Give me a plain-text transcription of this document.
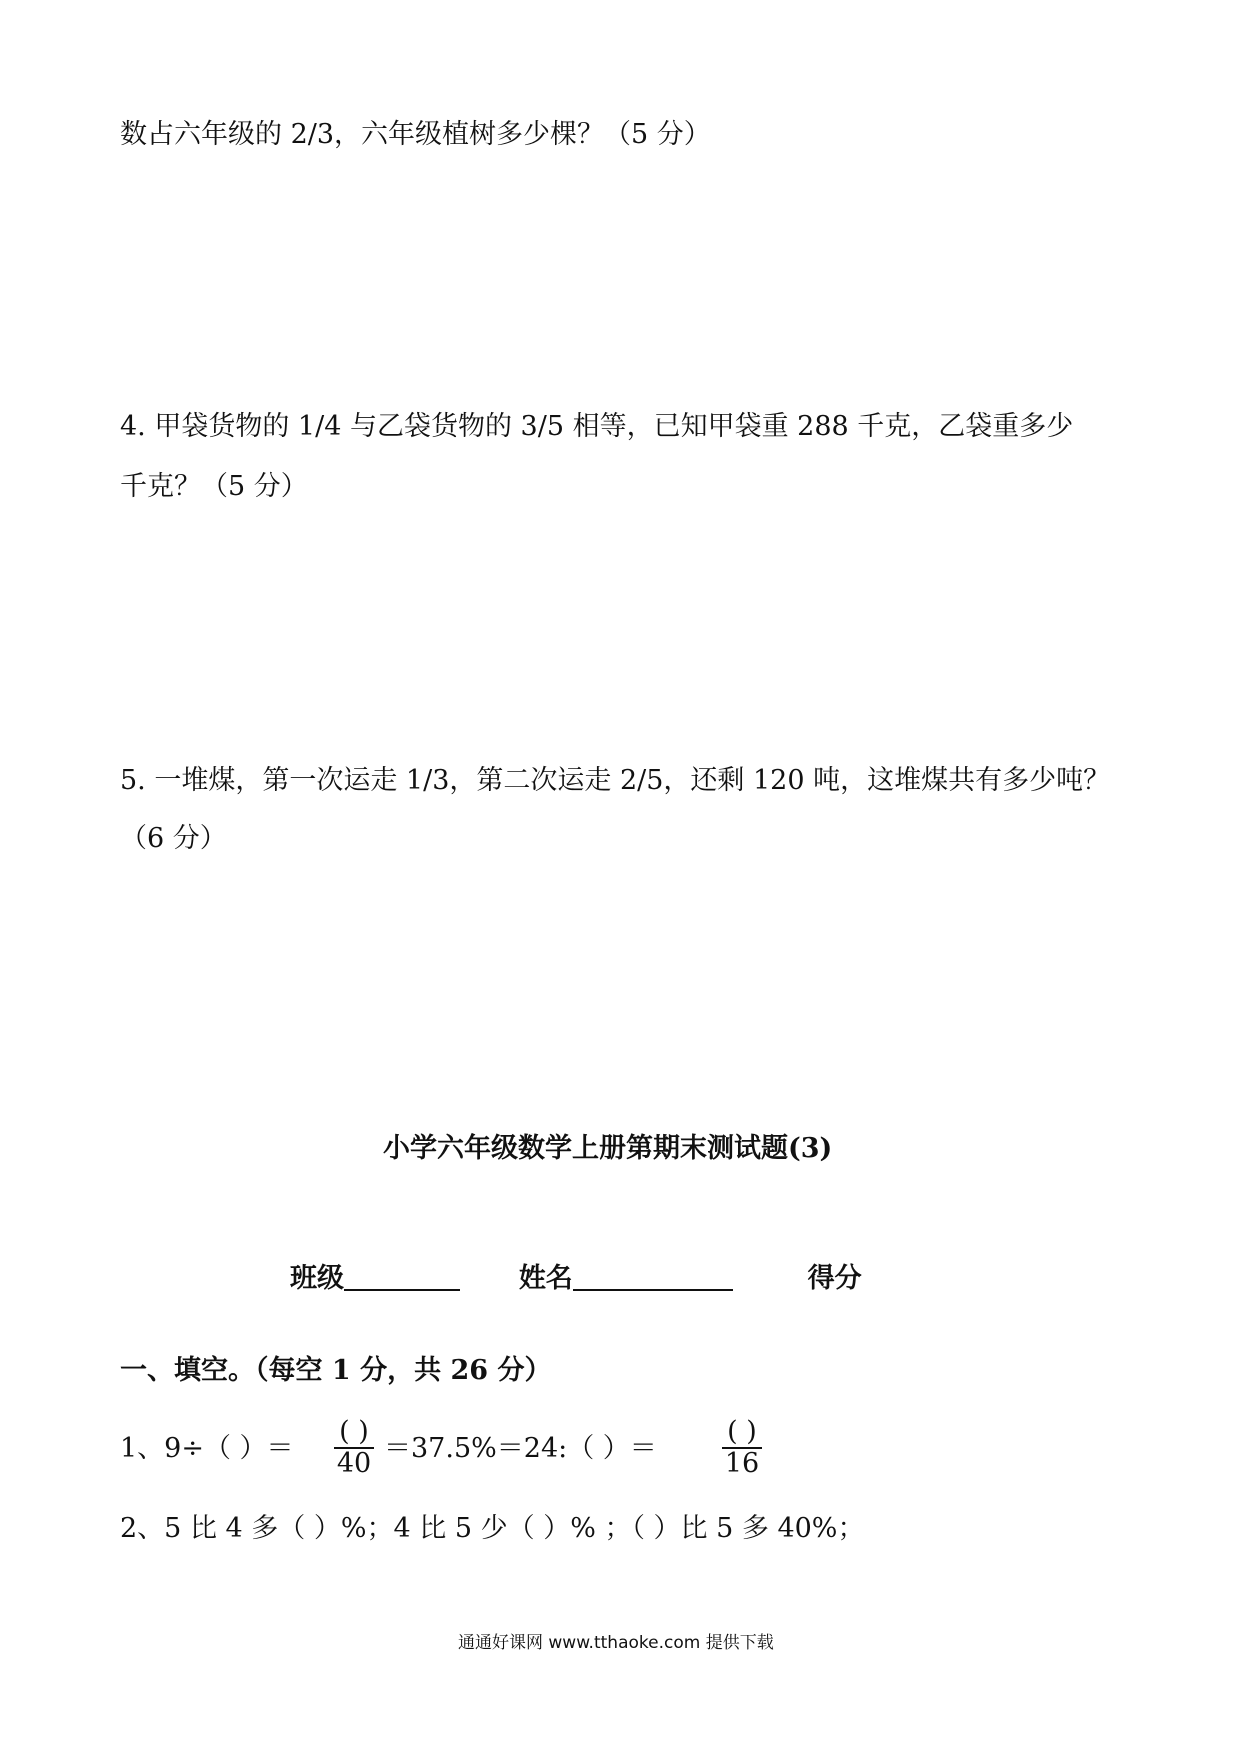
数占六年级的 2/3，六年级植树多少棵？（5 分）
4. 甲袋货物的 1/4 与乙袋货物的 3/5 相等，已知甲袋重 288 千克，乙袋重多少
千克？（5 分）
5. 一堆煤，第一次运走 1/3，第二次运走 2/5，还剩 120 吨，这堆煤共有多少吨？
（6 分）
小学六年级数学上册第期末测试题(3)
班级	姓名	得分
一、填空。（每空 1 分，共 26 分）
1、9÷（ ）＝
( )
40 ＝37.5%＝24:（ ）＝
( )
16
2、5 比 4 多（ ）%；4 比 5 少（ ）% ；（ ）比 5 多 40%；
通通好课网 www.tthaoke.com 提供下载
